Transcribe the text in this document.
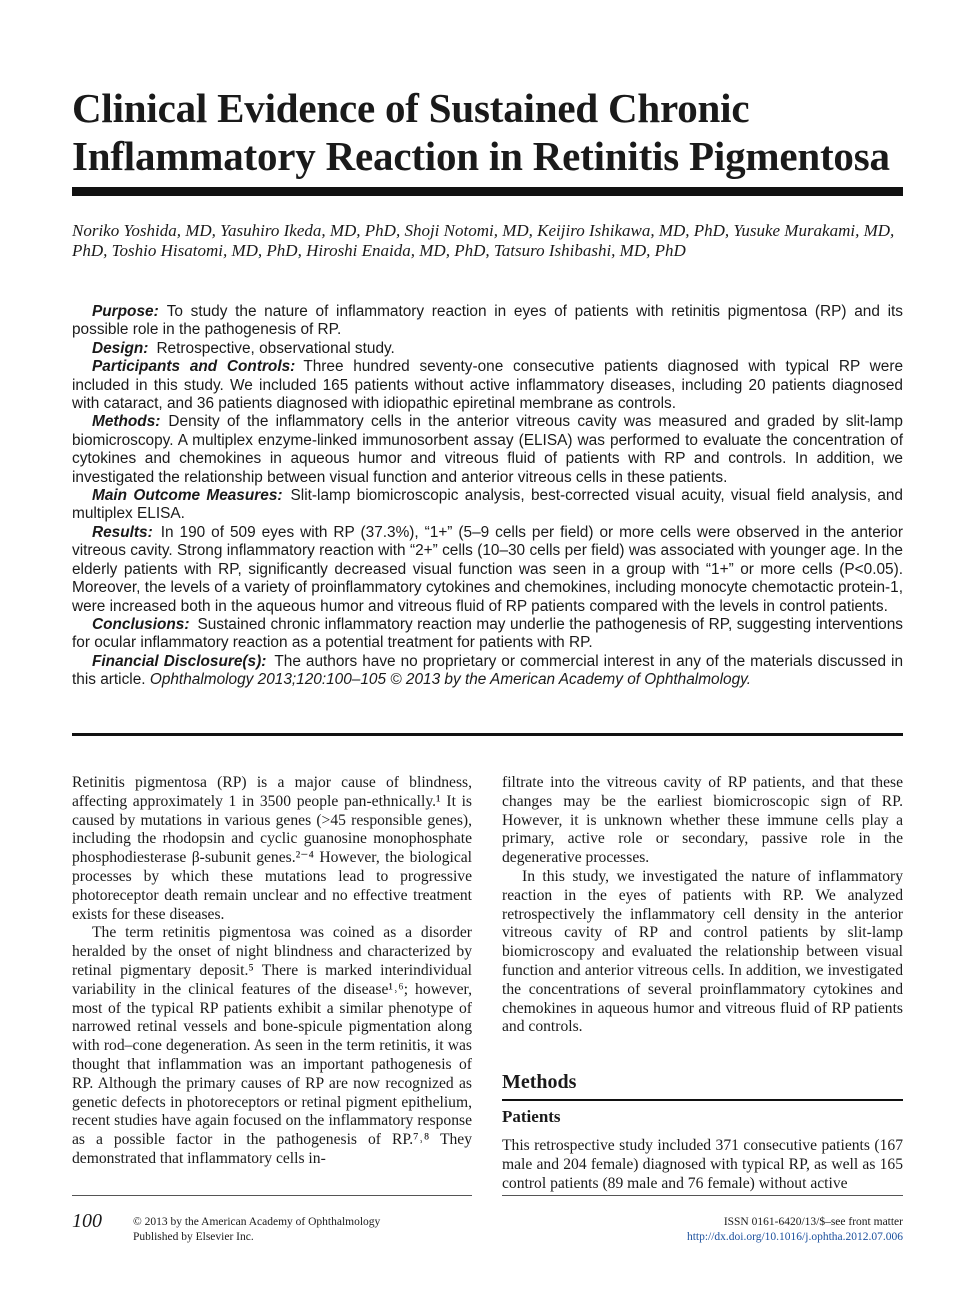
Clinical Evidence of Sustained Chronic Inflammatory Reaction in Retinitis Pigmentosa

Noriko Yoshida, MD, Yasuhiro Ikeda, MD, PhD, Shoji Notomi, MD, Keijiro Ishikawa, MD, PhD, Yusuke Murakami, MD, PhD, Toshio Hisatomi, MD, PhD, Hiroshi Enaida, MD, PhD, Tatsuro Ishibashi, MD, PhD

Purpose: To study the nature of inflammatory reaction in eyes of patients with retinitis pigmentosa (RP) and its possible role in the pathogenesis of RP.

Design: Retrospective, observational study.

Participants and Controls: Three hundred seventy-one consecutive patients diagnosed with typical RP were included in this study. We included 165 patients without active inflammatory diseases, including 20 patients diagnosed with cataract, and 36 patients diagnosed with idiopathic epiretinal membrane as controls.

Methods: Density of the inflammatory cells in the anterior vitreous cavity was measured and graded by slit-lamp biomicroscopy. A multiplex enzyme-linked immunosorbent assay (ELISA) was performed to evaluate the concentration of cytokines and chemokines in aqueous humor and vitreous fluid of patients with RP and controls. In addition, we investigated the relationship between visual function and anterior vitreous cells in these patients.

Main Outcome Measures: Slit-lamp biomicroscopic analysis, best-corrected visual acuity, visual field analysis, and multiplex ELISA.

Results: In 190 of 509 eyes with RP (37.3%), “1+” (5–9 cells per field) or more cells were observed in the anterior vitreous cavity. Strong inflammatory reaction with “2+” cells (10–30 cells per field) was associated with younger age. In the elderly patients with RP, significantly decreased visual function was seen in a group with “1+” or more cells (P<0.05). Moreover, the levels of a variety of proinflammatory cytokines and chemokines, including monocyte chemotactic protein-1, were increased both in the aqueous humor and vitreous fluid of RP patients compared with the levels in control patients.

Conclusions: Sustained chronic inflammatory reaction may underlie the pathogenesis of RP, suggesting interventions for ocular inflammatory reaction as a potential treatment for patients with RP.

Financial Disclosure(s): The authors have no proprietary or commercial interest in any of the materials discussed in this article. Ophthalmology 2013;120:100–105 © 2013 by the American Academy of Ophthalmology.

Retinitis pigmentosa (RP) is a major cause of blindness, affecting approximately 1 in 3500 people pan-ethnically.¹ It is caused by mutations in various genes (>45 responsible genes), including the rhodopsin and cyclic guanosine monophosphate phosphodiesterase β-subunit genes.²⁻⁴ However, the biological processes by which these mutations lead to progressive photoreceptor death remain unclear and no effective treatment exists for these diseases.

The term retinitis pigmentosa was coined as a disorder heralded by the onset of night blindness and characterized by retinal pigmentary deposit.⁵ There is marked interindividual variability in the clinical features of the disease¹˒⁶; however, most of the typical RP patients exhibit a similar phenotype of narrowed retinal vessels and bone-spicule pigmentation along with rod–cone degeneration. As seen in the term retinitis, it was thought that inflammation was an important pathogenesis of RP. Although the primary causes of RP are now recognized as genetic defects in photoreceptors or retinal pigment epithelium, recent studies have again focused on the inflammatory response as a possible factor in the pathogenesis of RP.⁷˒⁸ They demonstrated that inflammatory cells in-

filtrate into the vitreous cavity of RP patients, and that these changes may be the earliest biomicroscopic sign of RP. However, it is unknown whether these immune cells play a primary, active role or secondary, passive role in the degenerative processes.

In this study, we investigated the nature of inflammatory reaction in the eyes of patients with RP. We analyzed retrospectively the inflammatory cell density in the anterior vitreous cavity of RP and control patients by slit-lamp biomicroscopy and evaluated the relationship between visual function and anterior vitreous cells. In addition, we investigated the concentrations of several proinflammatory cytokines and chemokines in aqueous humor and vitreous fluid of RP patients and controls.

Methods
Patients

This retrospective study included 371 consecutive patients (167 male and 204 female) diagnosed with typical RP, as well as 165 control patients (89 male and 76 female) without active

100	© 2013 by the American Academy of Ophthalmology
Published by Elsevier Inc.
ISSN 0161-6420/13/$–see front matter
http://dx.doi.org/10.1016/j.ophtha.2012.07.006
